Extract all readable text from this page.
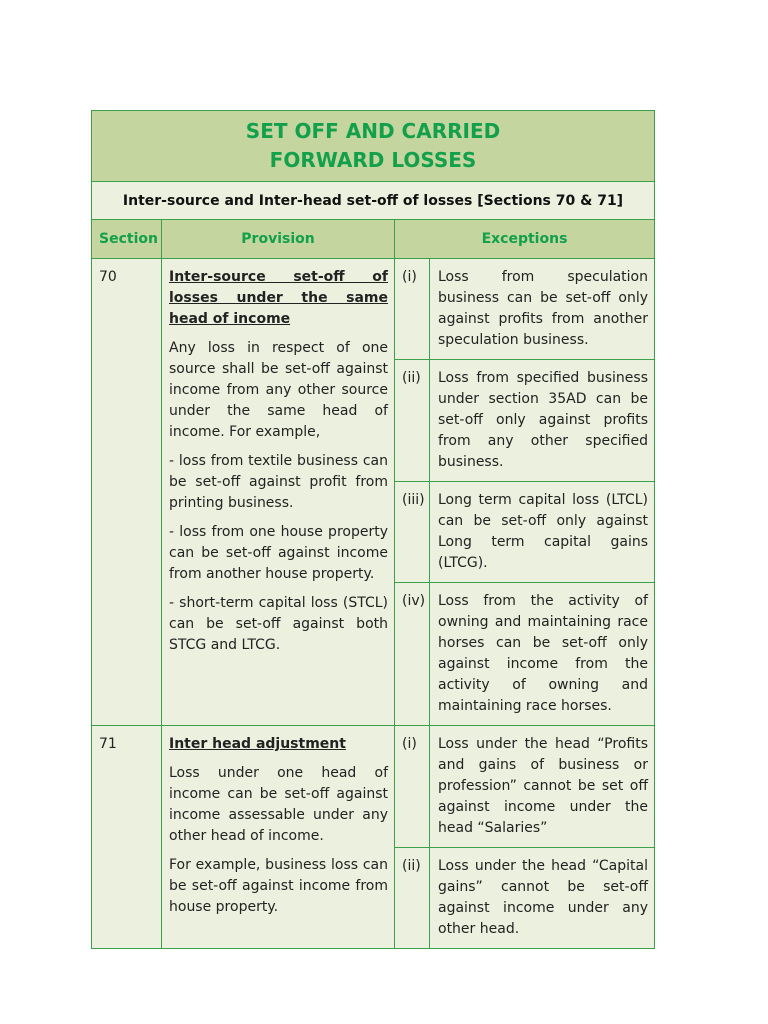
SET OFF AND CARRIED
FORWARD LOSSES
Inter-source and Inter-head set-off of losses [Sections 70 & 71]
Section	Provision	Exceptions
70	Inter-source set-off of losses under the same head of income

Any loss in respect of one source shall be set-off against income from any other source under the same head of income. For example,

- loss from textile business can be set-off against profit from printing business.

- loss from one house property can be set-off against income from another house property.

- short-term capital loss (STCL) can be set-off against both STCG and LTCG.

(i)	Loss from speculation business can be set-off only against profits from another speculation business.
(ii)	Loss from specified business under section 35AD can be set-off only against profits from any other specified business.
(iii) Long term capital loss (LTCL) can be set-off only against Long term capital gains (LTCG).
(iv) Loss from the activity of owning and maintaining race horses can be set-off only against income from the activity of owning and maintaining race horses.
71	Inter head adjustment

Loss under one head of income can be set-off against income assessable under any other head of income.

For example, business loss can be set-off against income from house property.

(i)	Loss under the head “Profits and gains of business or profession” cannot be set off against income under the head “Salaries”
(ii)	Loss under the head “Capital gains” cannot be set-off against income under any other head.
